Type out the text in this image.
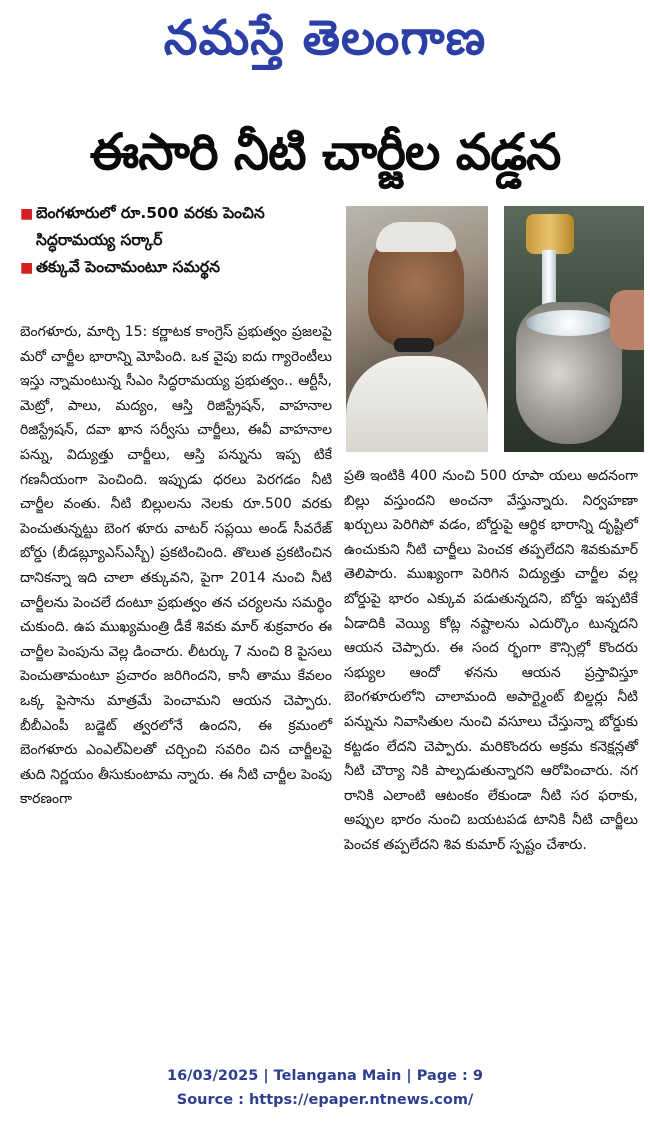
నమస్తే తెలంగాణ
ఈసారి నీటి చార్జీల వడ్డన
■ బెంగళూరులో రూ.500 వరకు పెంచిన సిద్ధరామయ్య సర్కార్
■ తక్కువే పెంచామంటూ సమర్థన
బెంగళూరు, మార్చి 15: కర్ణాటక కాంగ్రెస్ ప్రభుత్వం ప్రజలపై మరో చార్జీల భారాన్ని మోపింది. ఒక వైపు ఐదు గ్యారెంటీలు ఇస్తు న్నామంటున్న సీఎం సిద్ధరామయ్య ప్రభుత్వం.. ఆర్టీసీ, మెట్రో, పాలు, మద్యం, ఆస్తి రిజిస్ట్రేషన్, వాహనాల రిజిస్ట్రేషన్, దవా ఖాన సర్వీసు చార్జీలు, ఈవీ వాహనాల పన్ను, విద్యుత్తు చార్జీలు, ఆస్తి పన్నును ఇప్ప టికే గణనీయంగా పెంచింది. ఇప్పుడు ధరలు పెరగడం నీటి చార్జీల వంతు. నీటి బిల్లులను నెలకు రూ.500 వరకు పెంచుతున్నట్టు బెంగ ళూరు వాటర్ సప్లయి అండ్ సీవరేజ్ బోర్డు (బీడబ్ల్యూఎస్ఎస్బీ) ప్రకటించింది. తొలుత ప్రకటించిన దానికన్నా ఇది చాలా తక్కువని, పైగా 2014 నుంచి నీటి చార్జీలను పెంచలే దంటూ ప్రభుత్వం తన చర్యలను సమర్థిం చుకుంది. ఉప ముఖ్యమంత్రి డీకే శివకు మార్ శుక్రవారం ఈ చార్జీల పెంపును వెల్ల డించారు. లీటర్కు 7 నుంచి 8 పైసలు పెంచుతామంటూ ప్రచారం జరిగిందని, కానీ తాము కేవలం ఒక్క పైసాను మాత్రమే పెంచామని ఆయన చెప్పారు. బీబీఎంపీ బడ్జెట్ త్వరలోనే ఉందని, ఈ క్రమంలో బెంగళూరు ఎంఎల్ఏలతో చర్చించి సవరిం చిన చార్జీలపై తుది నిర్ణయం తీసుకుంటామ న్నారు. ఈ నీటి చార్జీల పెంపు కారణంగా
ప్రతి ఇంటికి 400 నుంచి 500 రూపా యలు అదనంగా బిల్లు వస్తుందని అంచనా వేస్తున్నారు. నిర్వహణా ఖర్చులు పెరిగిపో వడం, బోర్డుపై ఆర్థిక భారాన్ని దృష్టిలో ఉంచుకుని నీటి చార్జీలు పెంచక తప్పలేదని శివకుమార్ తెలిపారు. ముఖ్యంగా పెరిగిన విద్యుత్తు చార్జీల వల్ల బోర్డుపై భారం ఎక్కువ పడుతున్నదని, బోర్డు ఇప్పటికే ఏడాదికి వెయ్యి కోట్ల నష్టాలను ఎదుర్కొం టున్నదని ఆయన చెప్పారు. ఈ సంద ర్భంగా కౌన్సిల్లో కొందరు సభ్యుల ఆందో ళనను ఆయన ప్రస్తావిస్తూ బెంగళూరులోని చాలామంది అపార్ట్మెంట్ బిల్డర్లు నీటి పన్నును నివాసితుల నుంచి వసూలు చేస్తున్నా బోర్డుకు కట్టడం లేదని చెప్పారు. మరికొందరు అక్రమ కనెక్షన్లతో నీటి చౌర్యా నికి పాల్పడుతున్నారని ఆరోపించారు. నగ రానికి ఎలాంటి ఆటంకం లేకుండా నీటి సర ఫరాకు, అప్పుల భారం నుంచి బయటపడ టానికి నీటి చార్జీలు పెంచక తప్పలేదని శివ కుమార్ స్పష్టం చేశారు.
16/03/2025 | Telangana Main | Page : 9
Source : https://epaper.ntnews.com/
